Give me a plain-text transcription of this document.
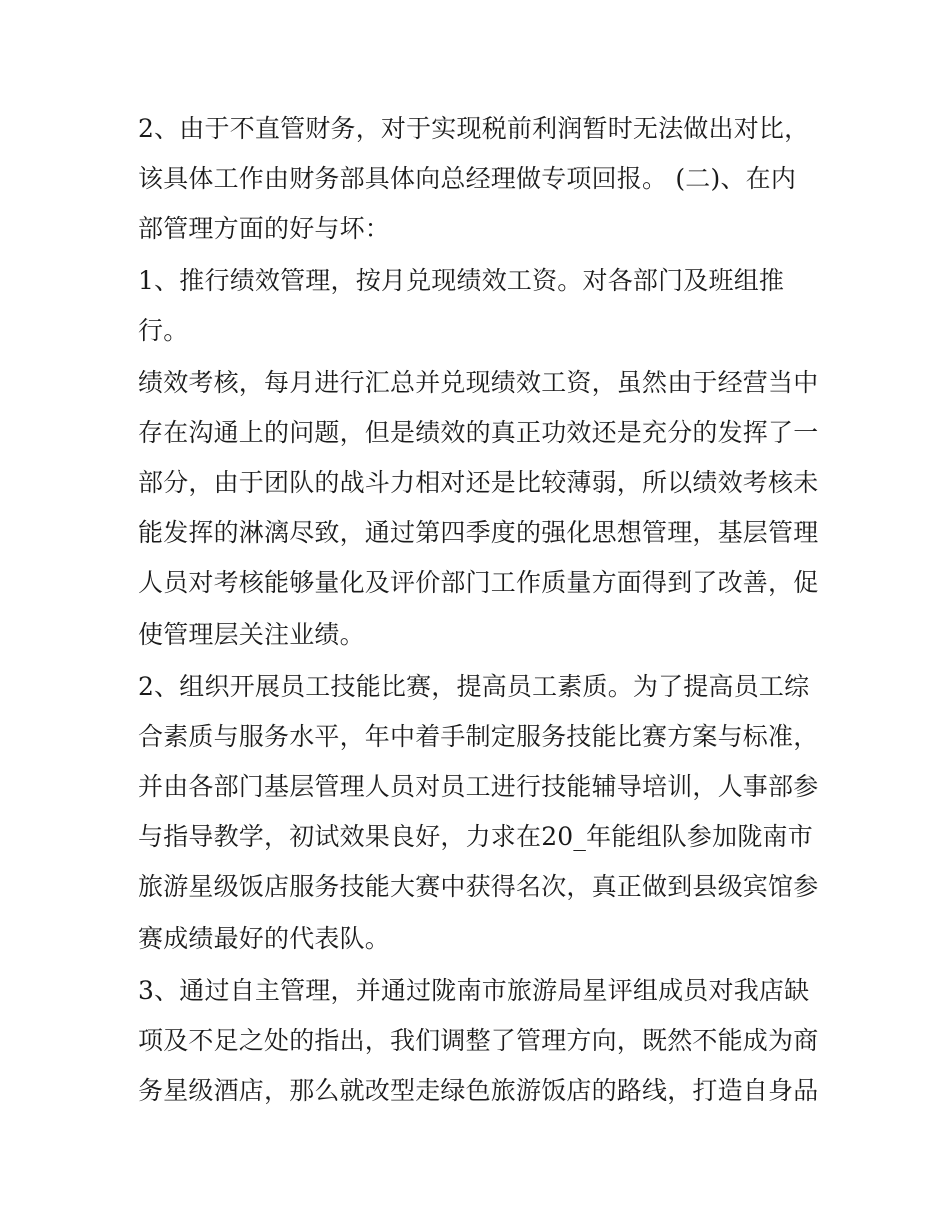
2、由于不直管财务，对于实现税前利润暂时无法做出对比，
该具体工作由财务部具体向总经理做专项回报。 (二)、在内
部管理方面的好与坏：
1、推行绩效管理，按月兑现绩效工资。对各部门及班组推
行。
绩效考核，每月进行汇总并兑现绩效工资，虽然由于经营当中
存在沟通上的问题，但是绩效的真正功效还是充分的发挥了一
部分，由于团队的战斗力相对还是比较薄弱，所以绩效考核未
能发挥的淋漓尽致，通过第四季度的强化思想管理，基层管理
人员对考核能够量化及评价部门工作质量方面得到了改善，促
使管理层关注业绩。
2、组织开展员工技能比赛，提高员工素质。为了提高员工综
合素质与服务水平，年中着手制定服务技能比赛方案与标准，
并由各部门基层管理人员对员工进行技能辅导培训，人事部参
与指导教学，初试效果良好，力求在20_年能组队参加陇南市
旅游星级饭店服务技能大赛中获得名次，真正做到县级宾馆参
赛成绩最好的代表队。
3、通过自主管理，并通过陇南市旅游局星评组成员对我店缺
项及不足之处的指出，我们调整了管理方向，既然不能成为商
务星级酒店，那么就改型走绿色旅游饭店的路线，打造自身品
